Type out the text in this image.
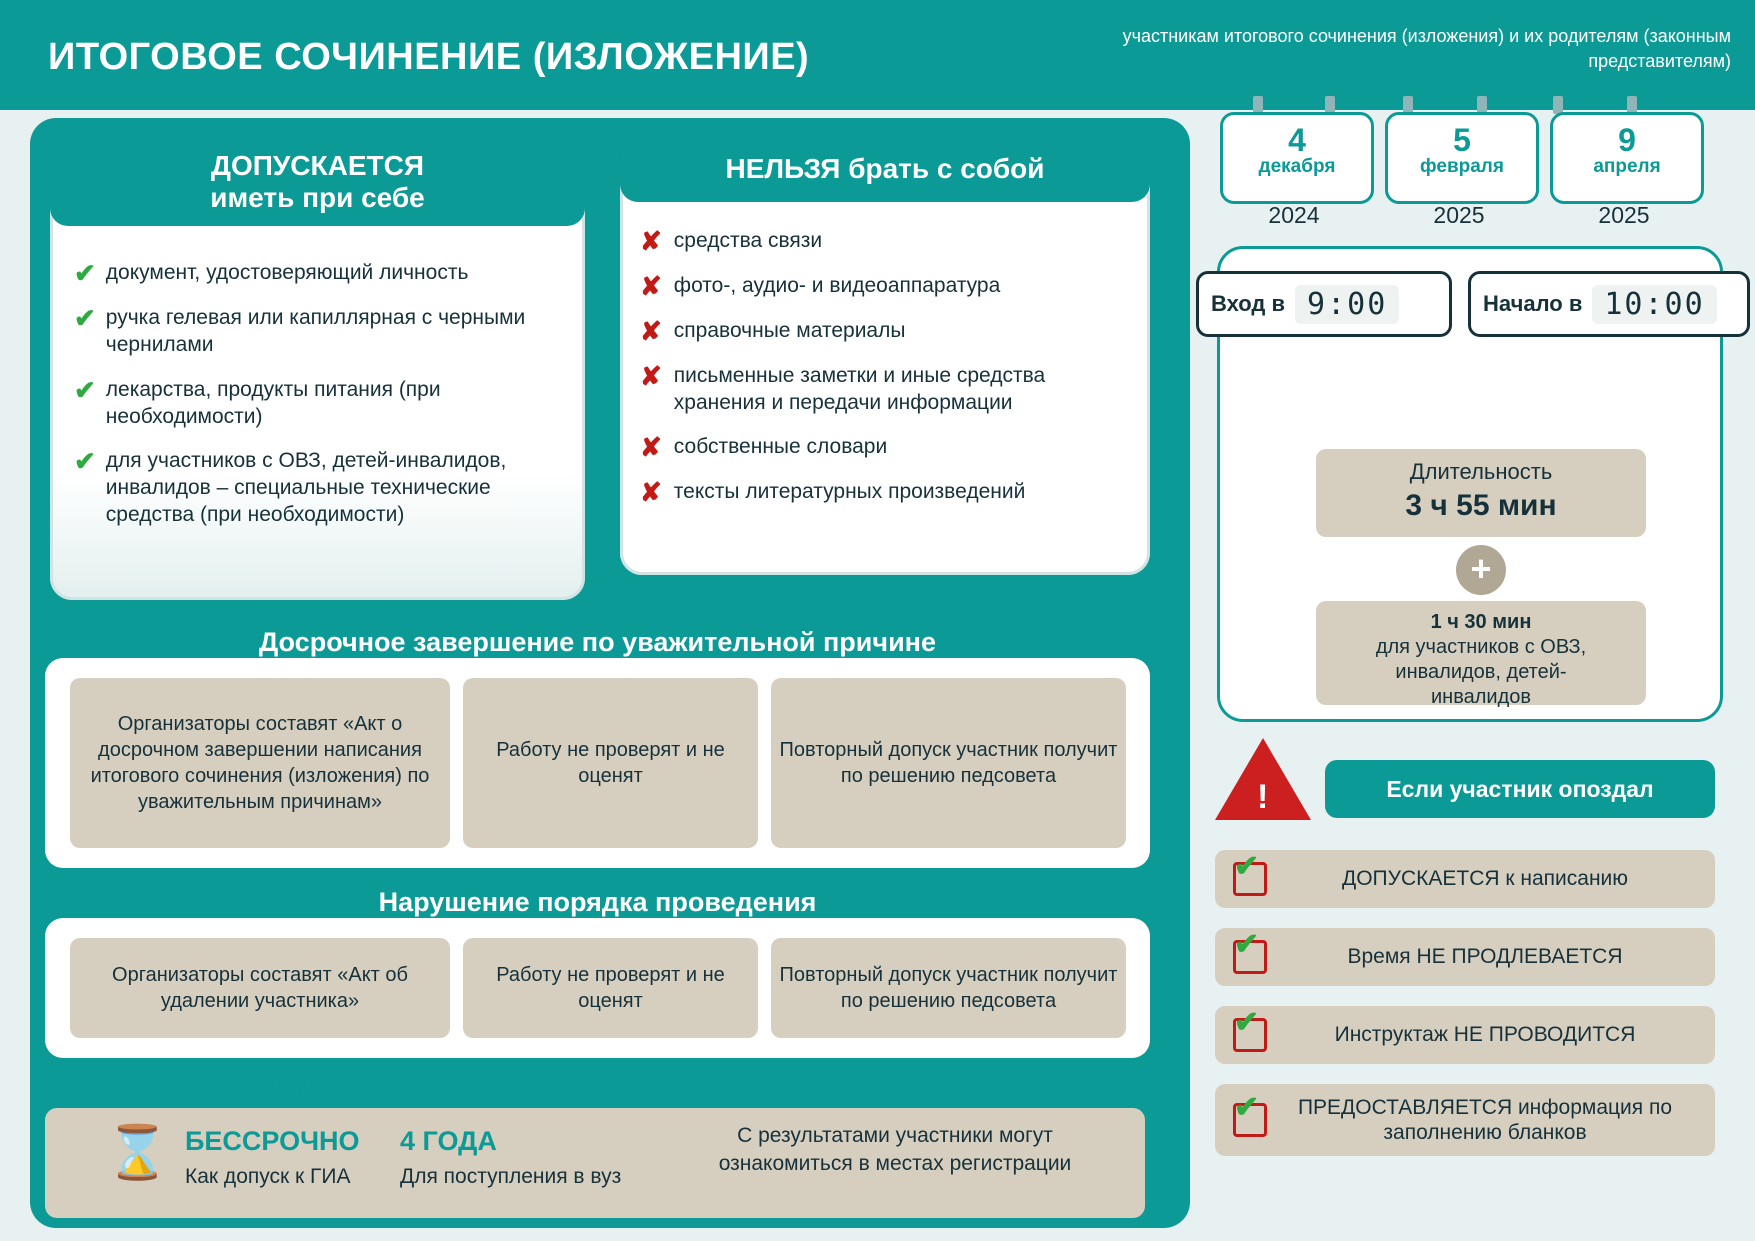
ИТОГОВОЕ СОЧИНЕНИЕ (ИЗЛОЖЕНИЕ)	участникам итогового сочинения (изложения) и их родителям (законным представителям)
ДОПУСКАЕТСЯ
иметь при себе
✔ документ, удостоверяющий личность
✔ ручка гелевая или капиллярная с черными чернилами
✔ лекарства, продукты питания (при необходимости)
✔ для участников с ОВЗ, детей-инвалидов, инвалидов – специальные технические средства (при необходимости)
НЕЛЬЗЯ брать с собой
✘ средства связи
✘ фото-, аудио- и видеоаппаратура
✘ справочные материалы
✘ письменные заметки и иные средства хранения и передачи информации
✘ собственные словари
✘ тексты литературных произведений
Досрочное завершение по уважительной причине
Организаторы составят «Акт о досрочном завершении написания итогового сочинения (изложения) по уважительным причинам»
Работу не проверят и не оценят
Повторный допуск участник получит по решению педсовета
Нарушение порядка проведения
Организаторы составят «Акт об удалении участника»
Работу не проверят и не оценят
Повторный допуск участник получит по решению педсовета
Результаты действуют
⌛ БЕССРОЧНО
Как допуск к ГИА
4 ГОДА
Для поступления в вуз
С результатами участники могут ознакомиться в местах регистрации
4
декабря
2024
5
февраля
2025
9
апреля
2025
Вход в 9:00	Начало в 10:00
Длительность
3 ч 55 мин
+
1 ч 30 мин
для участников с ОВЗ,
инвалидов, детей-
инвалидов
!	Если участник опоздал
✔
ДОПУСКАЕТСЯ к написанию
✔
Время НЕ ПРОДЛЕВАЕТСЯ
✔
Инструктаж НЕ ПРОВОДИТСЯ
✔
ПРЕДОСТАВЛЯЕТСЯ информация по заполнению бланков
